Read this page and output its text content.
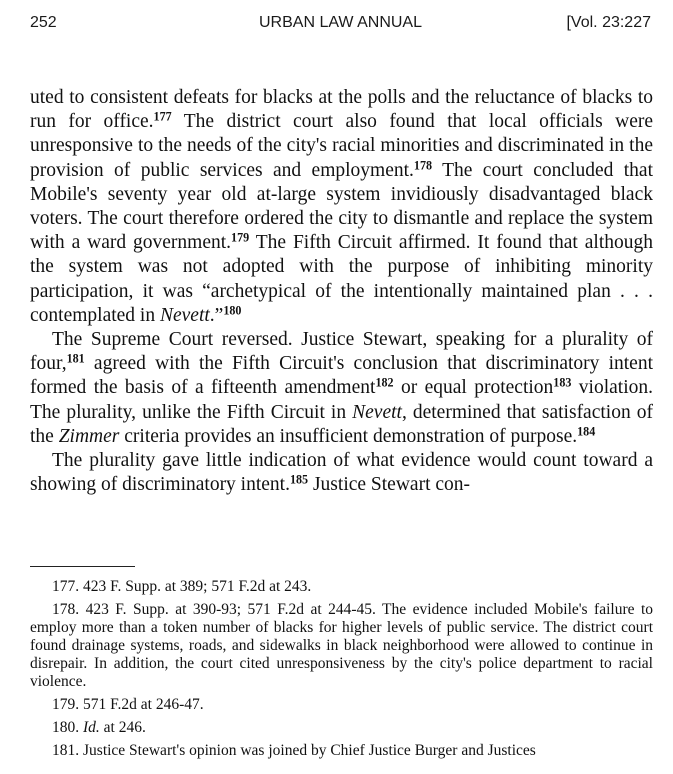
252	URBAN LAW ANNUAL	[Vol. 23:227

uted to consistent defeats for blacks at the polls and the reluctance of blacks to run for office.$^{177}$ The district court also found that local officials were unresponsive to the needs of the city's racial minorities and discriminated in the provision of public services and employment.$^{178}$ The court concluded that Mobile's seventy year old at-large system invidiously disadvantaged black voters. The court therefore ordered the city to dismantle and replace the system with a ward government.$^{179}$ The Fifth Circuit affirmed. It found that although the system was not adopted with the purpose of inhibiting minority participation, it was “archetypical of the intentionally maintained plan . . . contemplated in Nevett.”$^{180}$

The Supreme Court reversed. Justice Stewart, speaking for a plurality of four,$^{181}$ agreed with the Fifth Circuit's conclusion that discriminatory intent formed the basis of a fifteenth amendment$^{182}$ or equal protection$^{183}$ violation. The plurality, unlike the Fifth Circuit in Nevett, determined that satisfaction of the Zimmer criteria provides an insufficient demonstration of purpose.$^{184}$

The plurality gave little indication of what evidence would count toward a showing of discriminatory intent.$^{185}$ Justice Stewart con-

177. 423 F. Supp. at 389; 571 F.2d at 243.

178. 423 F. Supp. at 390-93; 571 F.2d at 244-45. The evidence included Mobile's failure to employ more than a token number of blacks for higher levels of public service. The district court found drainage systems, roads, and sidewalks in black neighborhood were allowed to continue in disrepair. In addition, the court cited unresponsiveness by the city's police department to racial violence.

179. 571 F.2d at 246-47.

180. Id. at 246.

181. Justice Stewart's opinion was joined by Chief Justice Burger and Justices
